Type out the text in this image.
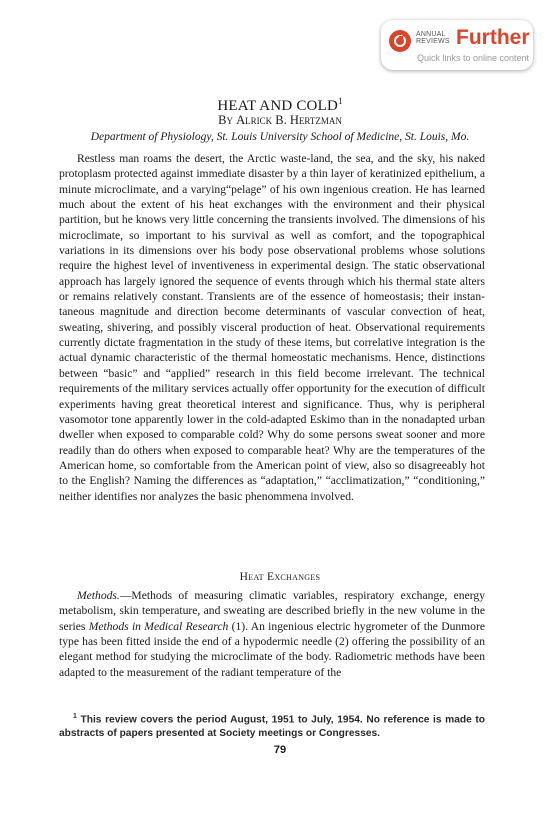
ANNUAL
REVIEWS Further
Quick links to online content
HEAT AND COLD$^1$
By Alrick B. Hertzman
Department of Physiology, St. Louis University School of Medicine, St. Louis, Mo.

Restless man roams the desert, the Arctic waste-land, the sea, and the sky, his naked protoplasm protected against immediate disaster by a thin layer of keratinized epithelium, a minute microclimate, and a varying“pelage” of his own ingenious creation. He has learned much about the extent of his heat exchanges with the environment and their physical partition, but he knows very little concerning the transients involved. The dimensions of his microclimate, so important to his survival as well as comfort, and the topographical variations in its dimensions over his body pose observational problems whose solutions require the highest level of inventiveness in experimental design. The static observational approach has largely ignored the sequence of events through which his thermal state alters or remains relatively constant. Transients are of the essence of homeostasis; their instantaneous magnitude and direction become determinants of vascular convection of heat, sweating, shivering, and possibly visceral production of heat. Observational requirements currently dictate fragmentation in the study of these items, but correlative integration is the actual dynamic characteristic of the thermal homeostatic mechanisms. Hence, distinctions between “basic” and “applied” research in this field become irrelevant. The technical requirements of the military services actually offer opportunity for the execution of difficult experiments having great theoretical interest and significance. Thus, why is peripheral vasomotor tone apparently lower in the cold-adapted Eskimo than in the nonadapted urban dweller when exposed to comparable cold? Why do some persons sweat sooner and more readily than do others when exposed to comparable heat? Why are the temperatures of the American home, so comfortable from the American point of view, also so disagreeably hot to the English? Naming the differences as “adaptation,” “acclimatization,” “conditioning,” neither identifies nor analyzes the basic phenommena involved.

Heat Exchanges

Methods.—Methods of measuring climatic variables, respiratory exchange, energy metabolism, skin temperature, and sweating are described briefly in the new volume in the series Methods in Medical Research (1). An ingenious electric hygrometer of the Dunmore type has been fitted inside the end of a hypodermic needle (2) offering the possibility of an elegant method for studying the microclimate of the body. Radiometric methods have been adapted to the measurement of the radiant temperature of the

$^1$ This review covers the period August, 1951 to July, 1954. No reference is made to abstracts of papers presented at Society meetings or Congresses.
79
